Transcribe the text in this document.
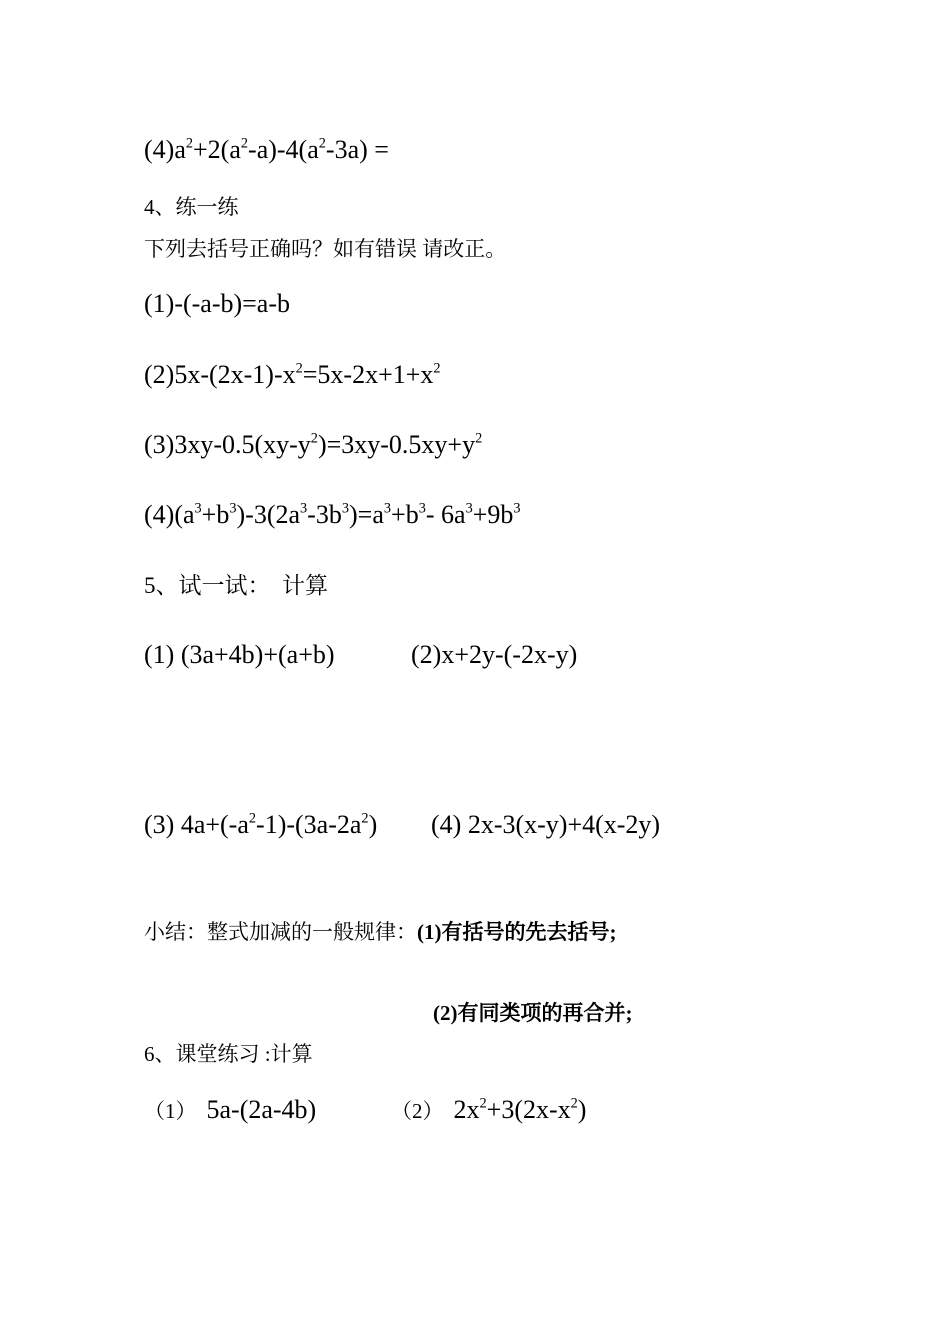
$(4)a^2+2(a^2-a)-4(a^2-3a)$ =
4、练一练
下列去括号正确吗？如有错误 请改正。
(1)-(-a-b)=a-b
$(2)5x-(2x-1)-x^2=5x-2x+1+x^2$
$(3)3xy-0.5(xy-y^2)=3xy-0.5xy+y^2$
$(4)(a^3+b^3)-3(2a^3-3b^3)=a^3+b^3-$ $6a^3+9b^3$
5、试一试：  计算
(1) (3a+4b)+(a+b)	(2)x+2y-(-2x-y)
(3) $4a+(-a^2-1)-(3a-2a^2)$ (4) 2x-3(x-y)+4(x-2y)
小结：整式加减的一般规律：(1)有括号的先去括号;
(2)有同类项的再合并;
6、课堂练习 :计算
（1） 5a-(2a-4b)	（2） $2x^2+3(2x-x^2)$
